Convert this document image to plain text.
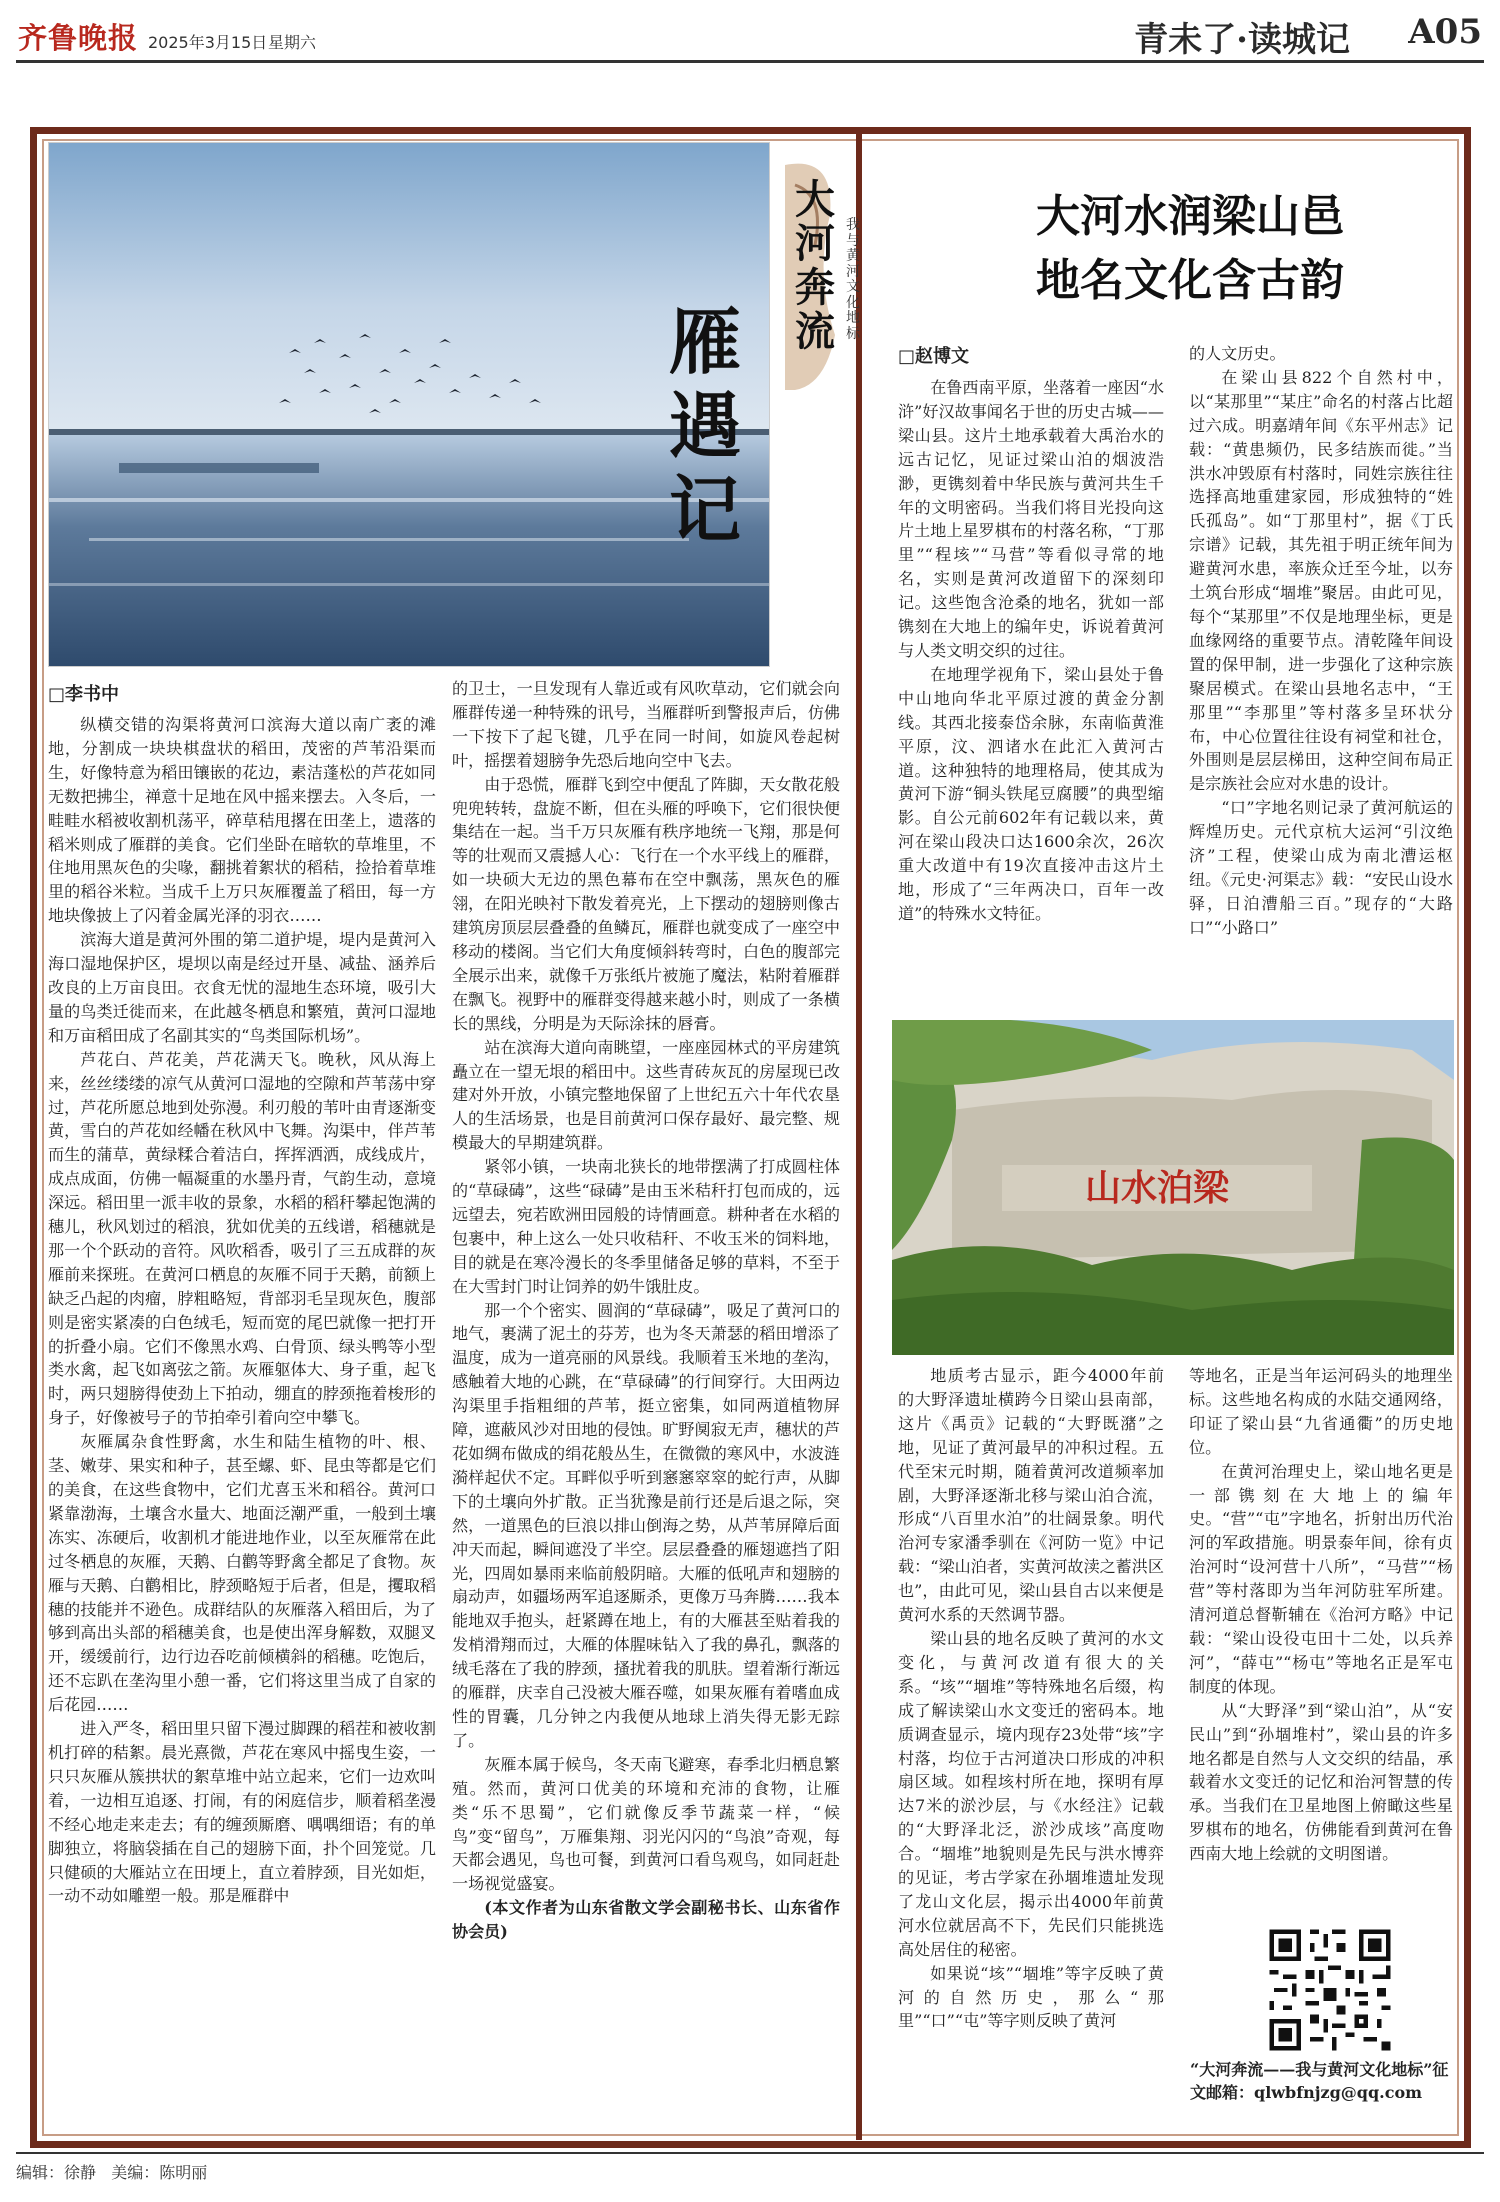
齐鲁晚报 2025年3月15日 星期六	青未了·读城记 A05
雁遇记
□李书中

纵横交错的沟渠将黄河口滨海大道以南广袤的滩地，分割成一块块棋盘状的稻田，茂密的芦苇沿渠而生，好像特意为稻田镶嵌的花边，素洁蓬松的芦花如同无数把拂尘，禅意十足地在风中摇来摆去。入冬后，一畦畦水稻被收割机荡平，碎草秸甩撂在田垄上，遗落的稻米则成了雁群的美食。它们坐卧在暗软的草堆里，不住地用黑灰色的尖喙，翻挑着絮状的稻秸，捡拾着草堆里的稻谷米粒。当成千上万只灰雁覆盖了稻田，每一方地块像披上了闪着金属光泽的羽衣……

滨海大道是黄河外围的第二道护堤，堤内是黄河入海口湿地保护区，堤坝以南是经过开垦、减盐、涵养后改良的上万亩良田。衣食无忧的湿地生态环境，吸引大量的鸟类迁徙而来，在此越冬栖息和繁殖，黄河口湿地和万亩稻田成了名副其实的“鸟类国际机场”。

芦花白、芦花美，芦花满天飞。晚秋，风从海上来，丝丝缕缕的凉气从黄河口湿地的空隙和芦苇荡中穿过，芦花所愿总地到处弥漫。利刃般的苇叶由青逐渐变黄，雪白的芦花如经幡在秋风中飞舞。沟渠中，伴芦苇而生的蒲草，黄绿糅合着洁白，挥挥洒洒，成线成片，成点成面，仿佛一幅凝重的水墨丹青，气韵生动，意境深远。稻田里一派丰收的景象，水稻的稻秆攀起饱满的穗儿，秋风划过的稻浪，犹如优美的五线谱，稻穗就是那一个个跃动的音符。风吹稻香，吸引了三五成群的灰雁前来探班。在黄河口栖息的灰雁不同于天鹅，前额上缺乏凸起的肉瘤，脖粗略短，背部羽毛呈现灰色，腹部则是密实紧凑的白色绒毛，短而宽的尾巴就像一把打开的折叠小扇。它们不像黑水鸡、白骨顶、绿头鸭等小型类水禽，起飞如离弦之箭。灰雁躯体大、身子重，起飞时，两只翅膀得使劲上下拍动，绷直的脖颈拖着梭形的身子，好像被号子的节拍牵引着向空中攀飞。

灰雁属杂食性野禽，水生和陆生植物的叶、根、茎、嫩芽、果实和种子，甚至螺、虾、昆虫等都是它们的美食，在这些食物中，它们尤喜玉米和稻谷。黄河口紧靠渤海，土壤含水量大、地面泛潮严重，一般到土壤冻实、冻硬后，收割机才能进地作业，以至灰雁常在此过冬栖息的灰雁，天鹅、白鹳等野禽全都足了食物。灰雁与天鹅、白鹳相比，脖颈略短于后者，但是，攫取稻穗的技能并不逊色。成群结队的灰雁落入稻田后，为了够到高出头部的稻穗美食，也是使出浑身解数，双腿叉开，缓缓前行，边行边吞吃前倾横斜的稻穗。吃饱后，还不忘趴在垄沟里小憩一番，它们将这里当成了自家的后花园……

进入严冬，稻田里只留下漫过脚踝的稻茬和被收割机打碎的秸絮。晨光熹微，芦花在寒风中摇曳生姿，一只只灰雁从簇拱状的絮草堆中站立起来，它们一边欢叫着，一边相互追逐、打闹，有的闲庭信步，顺着稻垄漫不经心地走来走去；有的缠颈厮磨、喁喁细语；有的单脚独立，将脑袋插在自己的翅膀下面，扑个回笼觉。几只健硕的大雁站立在田埂上，直立着脖颈，目光如炬，一动不动如雕塑一般。那是雁群中

的卫士，一旦发现有人靠近或有风吹草动，它们就会向雁群传递一种特殊的讯号，当雁群听到警报声后，仿佛一下按下了起飞键，几乎在同一时间，如旋风卷起树叶，摇摆着翅膀争先恐后地向空中飞去。

由于恐慌，雁群飞到空中便乱了阵脚，天女散花般兜兜转转，盘旋不断，但在头雁的呼唤下，它们很快便集结在一起。当千万只灰雁有秩序地统一飞翔，那是何等的壮观而又震撼人心：飞行在一个水平线上的雁群，如一块硕大无边的黑色幕布在空中飘荡，黑灰色的雁翎，在阳光映衬下散发着亮光，上下摆动的翅膀则像古建筑房顶层层叠叠的鱼鳞瓦，雁群也就变成了一座空中移动的楼阁。当它们大角度倾斜转弯时，白色的腹部完全展示出来，就像千万张纸片被施了魔法，粘附着雁群在飘飞。视野中的雁群变得越来越小时，则成了一条横长的黑线，分明是为天际涂抹的唇膏。

站在滨海大道向南眺望，一座座园林式的平房建筑矗立在一望无垠的稻田中。这些青砖灰瓦的房屋现已改建对外开放，小镇完整地保留了上世纪五六十年代农垦人的生活场景，也是目前黄河口保存最好、最完整、规模最大的早期建筑群。

紧邻小镇，一块南北狭长的地带摆满了打成圆柱体的“草碌碡”，这些“碌碡”是由玉米秸秆打包而成的，远远望去，宛若欧洲田园般的诗情画意。耕种者在水稻的包裹中，种上这么一处只收秸秆、不收玉米的饲料地，目的就是在寒冷漫长的冬季里储备足够的草料，不至于在大雪封门时让饲养的奶牛饿肚皮。

那一个个密实、圆润的“草碌碡”，吸足了黄河口的地气，裹满了泥土的芬芳，也为冬天萧瑟的稻田增添了温度，成为一道亮丽的风景线。我顺着玉米地的垄沟，感触着大地的心跳，在“草碌碡”的行间穿行。大田两边沟渠里手指粗细的芦苇，挺立密集，如同两道植物屏障，遮蔽风沙对田地的侵蚀。旷野阒寂无声，穗状的芦花如绸布做成的绢花般丛生，在微微的寒风中，水波涟漪样起伏不定。耳畔似乎听到窸窸窣窣的蛇行声，从脚下的土壤向外扩散。正当犹豫是前行还是后退之际，突然，一道黑色的巨浪以排山倒海之势，从芦苇屏障后面冲天而起，瞬间遮没了半空。层层叠叠的雁翅遮挡了阳光，四周如暴雨来临前般阴暗。大雁的低吼声和翅膀的扇动声，如疆场两军追逐厮杀，更像万马奔腾……我本能地双手抱头，赶紧蹲在地上，有的大雁甚至贴着我的发梢滑翔而过，大雁的体腥味钻入了我的鼻孔，飘落的绒毛落在了我的脖颈，搔扰着我的肌肤。望着渐行渐远的雁群，庆幸自己没被大雁吞噬，如果灰雁有着嗜血成性的胃囊，几分钟之内我便从地球上消失得无影无踪了。

灰雁本属于候鸟，冬天南飞避寒，春季北归栖息繁殖。然而，黄河口优美的环境和充沛的食物，让雁类“乐不思蜀”，它们就像反季节蔬菜一样，“候鸟”变“留鸟”，万雁集翔、羽光闪闪的“鸟浪”奇观，每天都会遇见，鸟也可餐，到黄河口看鸟观鸟，如同赶赴一场视觉盛宴。

(本文作者为山东省散文学会副秘书长、山东省作协会员)

大河奔流
我与黄河文化地标
大河水润梁山邑
地名文化含古韵
□赵博文

在鲁西南平原，坐落着一座因“水浒”好汉故事闻名于世的历史古城——梁山县。这片土地承载着大禹治水的远古记忆，见证过梁山泊的烟波浩渺，更镌刻着中华民族与黄河共生千年的文明密码。当我们将目光投向这片土地上星罗棋布的村落名称，“丁那里”“程垓”“马营”等看似寻常的地名，实则是黄河改道留下的深刻印记。这些饱含沧桑的地名，犹如一部镌刻在大地上的编年史，诉说着黄河与人类文明交织的过往。

在地理学视角下，梁山县处于鲁中山地向华北平原过渡的黄金分割线。其西北接泰岱余脉，东南临黄淮平原，汶、泗诸水在此汇入黄河古道。这种独特的地理格局，使其成为黄河下游“铜头铁尾豆腐腰”的典型缩影。自公元前602年有记载以来，黄河在梁山段决口达1600余次，26次重大改道中有19次直接冲击这片土地，形成了“三年两决口，百年一改道”的特殊水文特征。

的人文历史。

在梁山县822个自然村中，以“某那里”“某庄”命名的村落占比超过六成。明嘉靖年间《东平州志》记载：“黄患频仍，民多结族而徙。”当洪水冲毁原有村落时，同姓宗族往往选择高地重建家园，形成独特的“姓氏孤岛”。如“丁那里村”，据《丁氏宗谱》记载，其先祖于明正统年间为避黄河水患，率族众迁至今址，以夯土筑台形成“堌堆”聚居。由此可见，每个“某那里”不仅是地理坐标，更是血缘网络的重要节点。清乾隆年间设置的保甲制，进一步强化了这种宗族聚居模式。在梁山县地名志中，“王那里”“李那里”等村落多呈环状分布，中心位置往往设有祠堂和社仓，外围则是层层梯田，这种空间布局正是宗族社会应对水患的设计。

“口”字地名则记录了黄河航运的辉煌历史。元代京杭大运河“引汶绝济”工程，使梁山成为南北漕运枢纽。《元史·河渠志》载：“安民山设水驿，日泊漕船三百。”现存的“大路口”“小路口”

山水泊梁

地质考古显示，距今4000年前的大野泽遗址横跨今日梁山县南部，这片《禹贡》记载的“大野既潴”之地，见证了黄河最早的冲积过程。五代至宋元时期，随着黄河改道频率加剧，大野泽逐渐北移与梁山泊合流，形成“八百里水泊”的壮阔景象。明代治河专家潘季驯在《河防一览》中记载：“梁山泊者，实黄河故渎之蓄洪区也”，由此可见，梁山县自古以来便是黄河水系的天然调节器。

梁山县的地名反映了黄河的水文变化，与黄河改道有很大的关系。“垓”“堌堆”等特殊地名后缀，构成了解读梁山水文变迁的密码本。地质调查显示，境内现存23处带“垓”字村落，均位于古河道决口形成的冲积扇区域。如程垓村所在地，探明有厚达7米的淤沙层，与《水经注》记载的“大野泽北泛，淤沙成垓”高度吻合。“堌堆”地貌则是先民与洪水博弈的见证，考古学家在孙堌堆遗址发现了龙山文化层，揭示出4000年前黄河水位就居高不下，先民们只能挑选高处居住的秘密。

如果说“垓”“堌堆”等字反映了黄河的自然历史，那么“那里”“口”“屯”等字则反映了黄河

等地名，正是当年运河码头的地理坐标。这些地名构成的水陆交通网络，印证了梁山县“九省通衢”的历史地位。

在黄河治理史上，梁山地名更是一部镌刻在大地上的编年史。“营”“屯”字地名，折射出历代治河的军政措施。明景泰年间，徐有贞治河时“设河营十八所”，“马营”“杨营”等村落即为当年河防驻军所建。清河道总督靳辅在《治河方略》中记载：“梁山设役屯田十二处，以兵养河”，“薛屯”“杨屯”等地名正是军屯制度的体现。

从“大野泽”到“梁山泊”，从“安民山”到“孙堌堆村”，梁山县的许多地名都是自然与人文交织的结晶，承载着水文变迁的记忆和治河智慧的传承。当我们在卫星地图上俯瞰这些星罗棋布的地名，仿佛能看到黄河在鲁西南大地上绘就的文明图谱。

“大河奔流——我与黄河文化地标”征文邮箱：qlwbfnjzg@qq.com
编辑：徐静 美编：陈明丽
